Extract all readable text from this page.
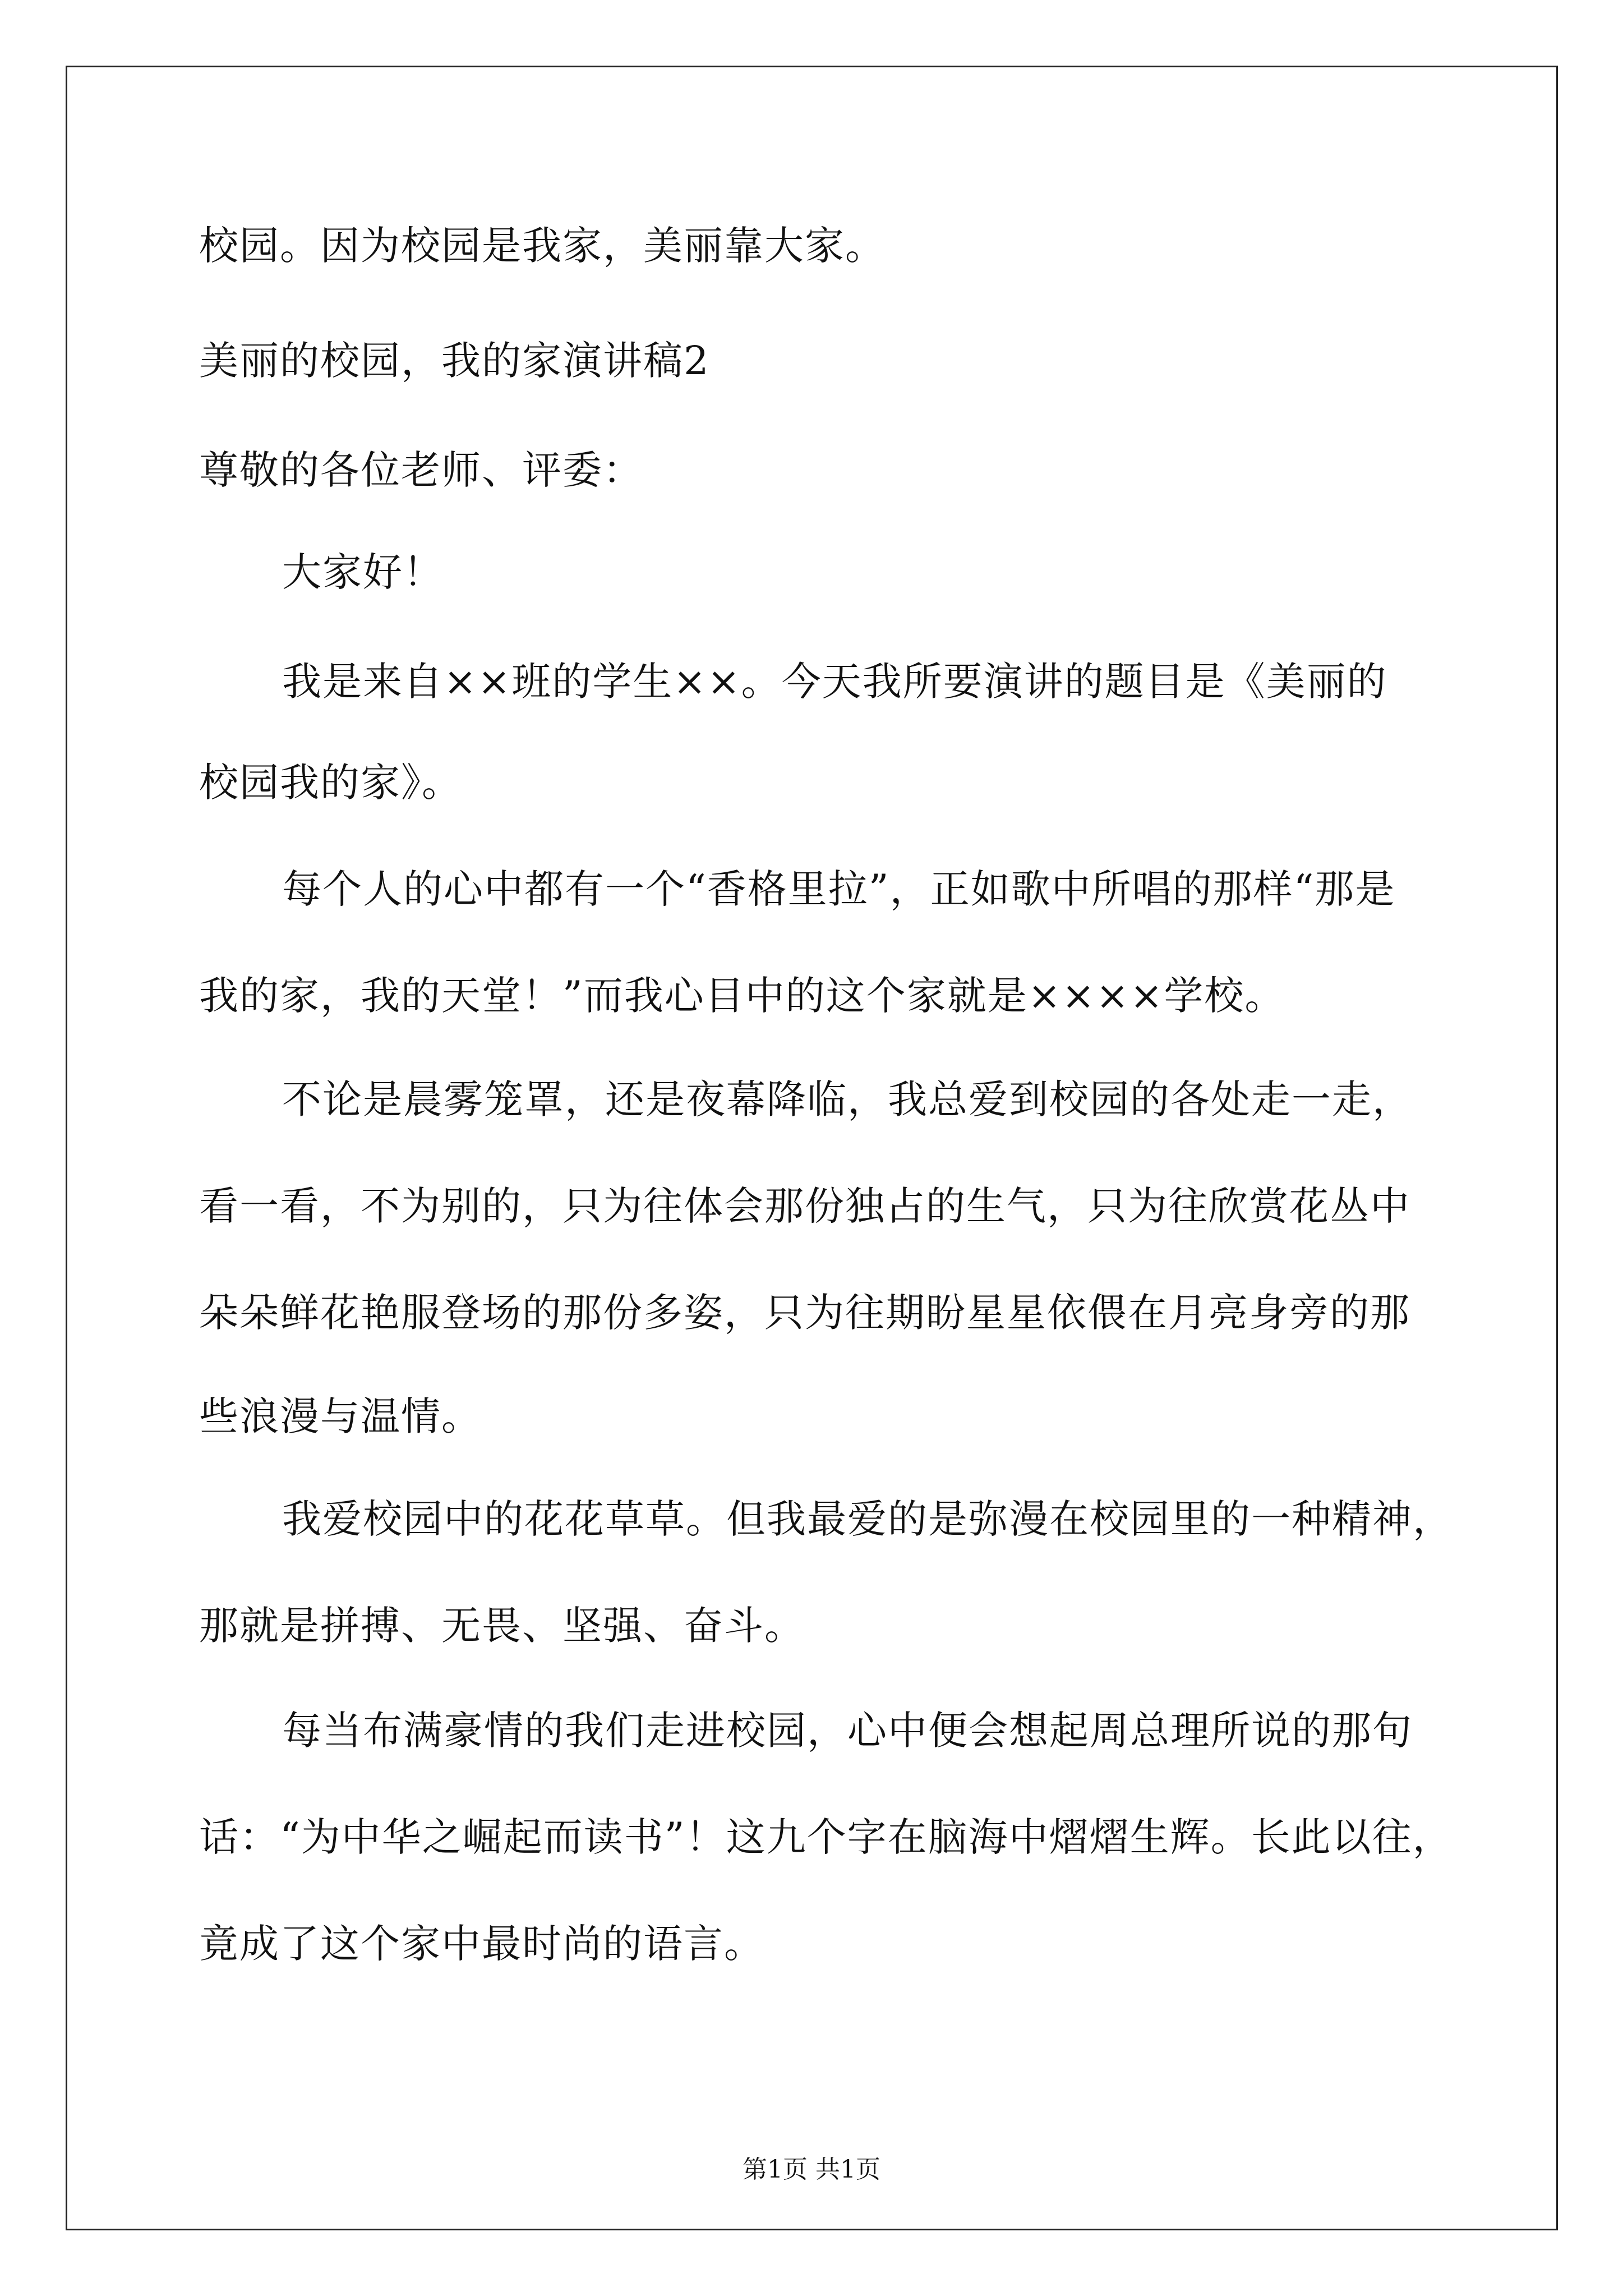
校园。因为校园是我家，美丽靠大家。
美丽的校园，我的家演讲稿2
尊敬的各位老师、评委：
大家好！
我是来自××班的学生××。今天我所要演讲的题目是《美丽的
校园我的家》。
每个人的心中都有一个“香格里拉”，正如歌中所唱的那样“那是
我的家，我的天堂！”而我心目中的这个家就是××××学校。
不论是晨雾笼罩，还是夜幕降临，我总爱到校园的各处走一走，
看一看，不为别的，只为往体会那份独占的生气，只为往欣赏花丛中
朵朵鲜花艳服登场的那份多姿，只为往期盼星星依偎在月亮身旁的那
些浪漫与温情。
我爱校园中的花花草草。但我最爱的是弥漫在校园里的一种精神，
那就是拼搏、无畏、坚强、奋斗。
每当布满豪情的我们走进校园，心中便会想起周总理所说的那句
话：“为中华之崛起而读书”！这九个字在脑海中熠熠生辉。长此以往，
竟成了这个家中最时尚的语言。
第1页 共1页
